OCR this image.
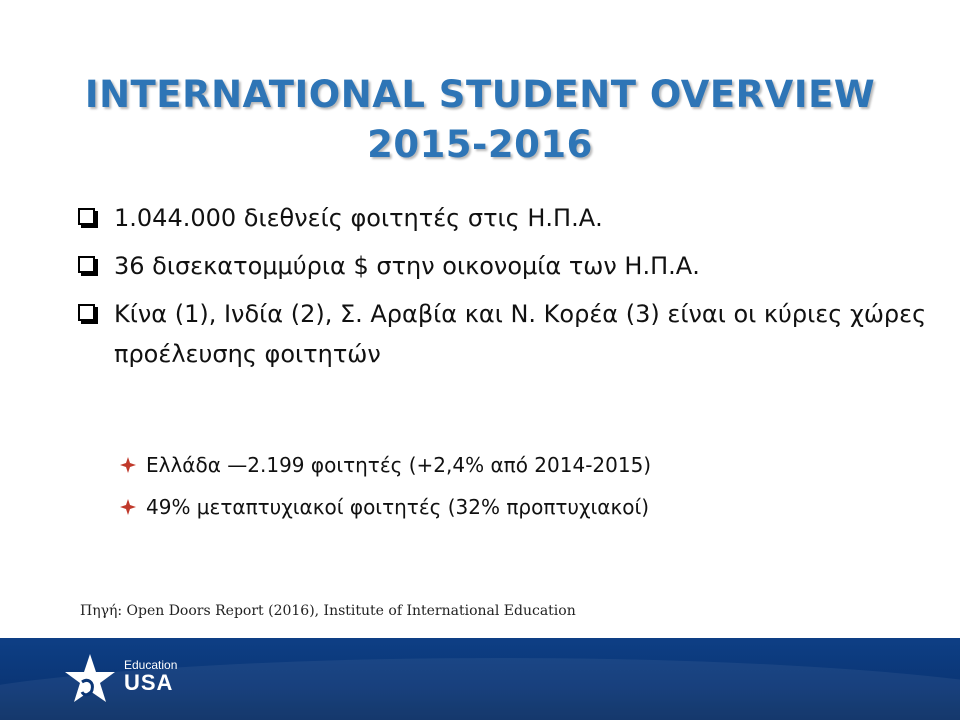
INTERNATIONAL STUDENT OVERVIEW
2015-2016
1.044.000 διεθνείς φοιτητές στις Η.Π.Α.
36 δισεκατομμύρια $ στην οικονομία των Η.Π.Α.
Κίνα (1), Ινδία (2), Σ. Αραβία και Ν. Κορέα (3) είναι οι κύριες χώρες προέλευσης φοιτητών
Ελλάδα —2.199 φοιτητές (+2,4% από 2014-2015)
49% μεταπτυχιακοί φοιτητές (32% προπτυχιακοί)
Πηγή: Open Doors Report (2016), Institute of International Education
Education
USA
